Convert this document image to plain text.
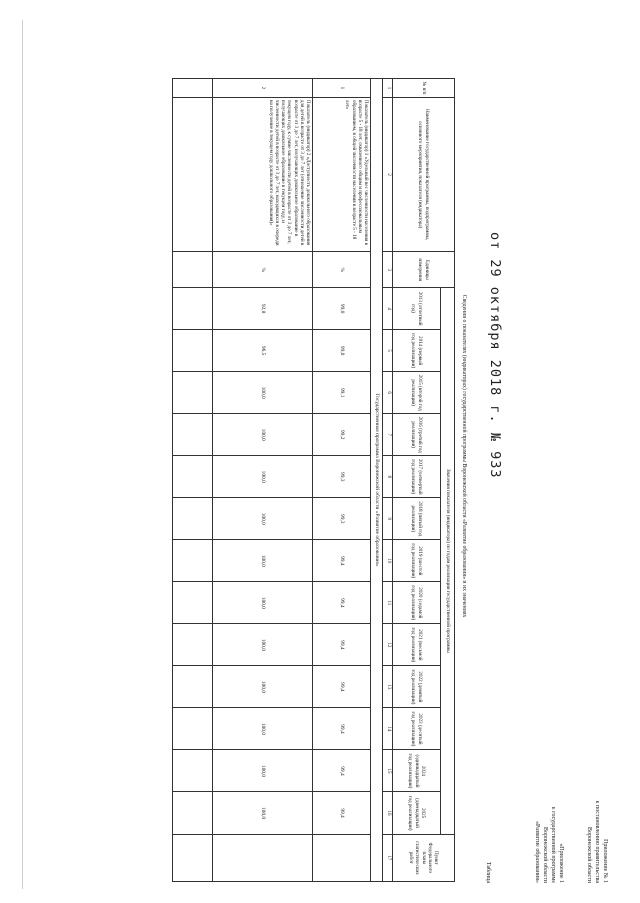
Приложение № 1
к постановлению правительства
Воронежской области
«Приложение 1
к государственной программе
Воронежской области
«Развитие образования»
от 29 октября 2018 г. № 933
Таблица
Сведения о показателях (индикаторах) государственной программы Воронежской области «Развитие образования» и их значениях
№ п/п	Наименование государственной программы, подпрограммы, основного мероприятия, показателя (индикатора)	Единицы измерения	Значения показателя (индикатора) по годам реализации государственной программы													Пункт Федерального плана статистических работ
			2013 (отчетный год)	2014 (первый год реализации)	2015 (второй год реализации)	2016 (третий год реализации)	2017 (четвертый год реализации)	2018 (пятый год реализации)	2019 (шестой год реализации)	2020 (седьмой год реализации)	2021 (восьмой год реализации)	2022 (девятый год реализации)	2023 (десятый год реализации)	2024 (одиннадцатый год реализации)	2025 (двенадцатый год реализации)	
1	2	3	4	5	6	7	8	9	10	11	12	13	14	15	16	17
Государственная программа Воронежской области «Развитие образования»																
1	Показатель (индикатор) 1 «Удельный вес численности населения в возрасте 5 - 18 лет, охваченного общим и профессиональным образованием, в общей численности населения в возрасте 5 - 18 лет»	%	99,0	99,0	99,1	99,2	99,3	99,3	99,4	99,4	99,4	99,4	99,4	99,4	99,4	
2	Показатель (индикатор) 2 «Доступность дошкольного образования для детей в возрасте от 3 до 7 лет (отношение численности детей в возрасте от 3 до 7 лет, получающих дошкольное образование в текущем году, к сумме численности детей в возрасте от 3 до 7 лет, получающих дошкольное образование в текущем году, и численности детей в возрасте от 3 до 7 лет, находящихся в очереди на получение в текущем году дошкольного образования)»	%	92,8	96,5	100,0	100,0	100,0	100,0	100,0	100,0	100,0	100,0	100,0	100,0	100,0	
